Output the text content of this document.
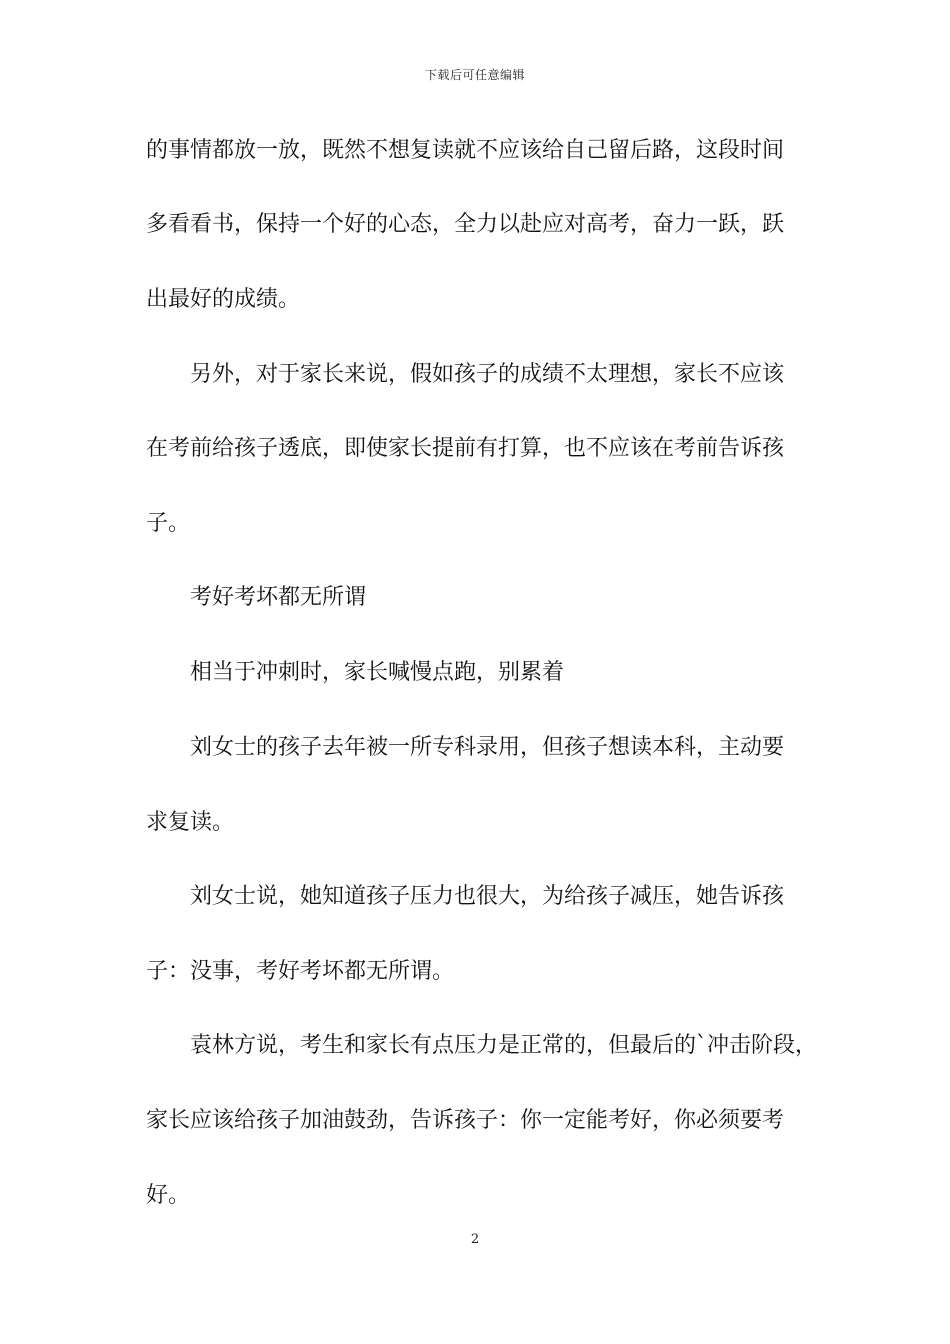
下载后可任意编辑
的事情都放一放，既然不想复读就不应该给自己留后路，这段时间
多看看书，保持一个好的心态，全力以赴应对高考，奋力一跃，跃
出最好的成绩。
另外，对于家长来说，假如孩子的成绩不太理想，家长不应该
在考前给孩子透底，即使家长提前有打算，也不应该在考前告诉孩
子。
考好考坏都无所谓
相当于冲刺时，家长喊慢点跑，别累着
刘女士的孩子去年被一所专科录用，但孩子想读本科，主动要
求复读。
刘女士说，她知道孩子压力也很大，为给孩子减压，她告诉孩
子：没事，考好考坏都无所谓。
袁林方说，考生和家长有点压力是正常的，但最后的`冲击阶段，
家长应该给孩子加油鼓劲，告诉孩子：你一定能考好，你必须要考
好。
2
